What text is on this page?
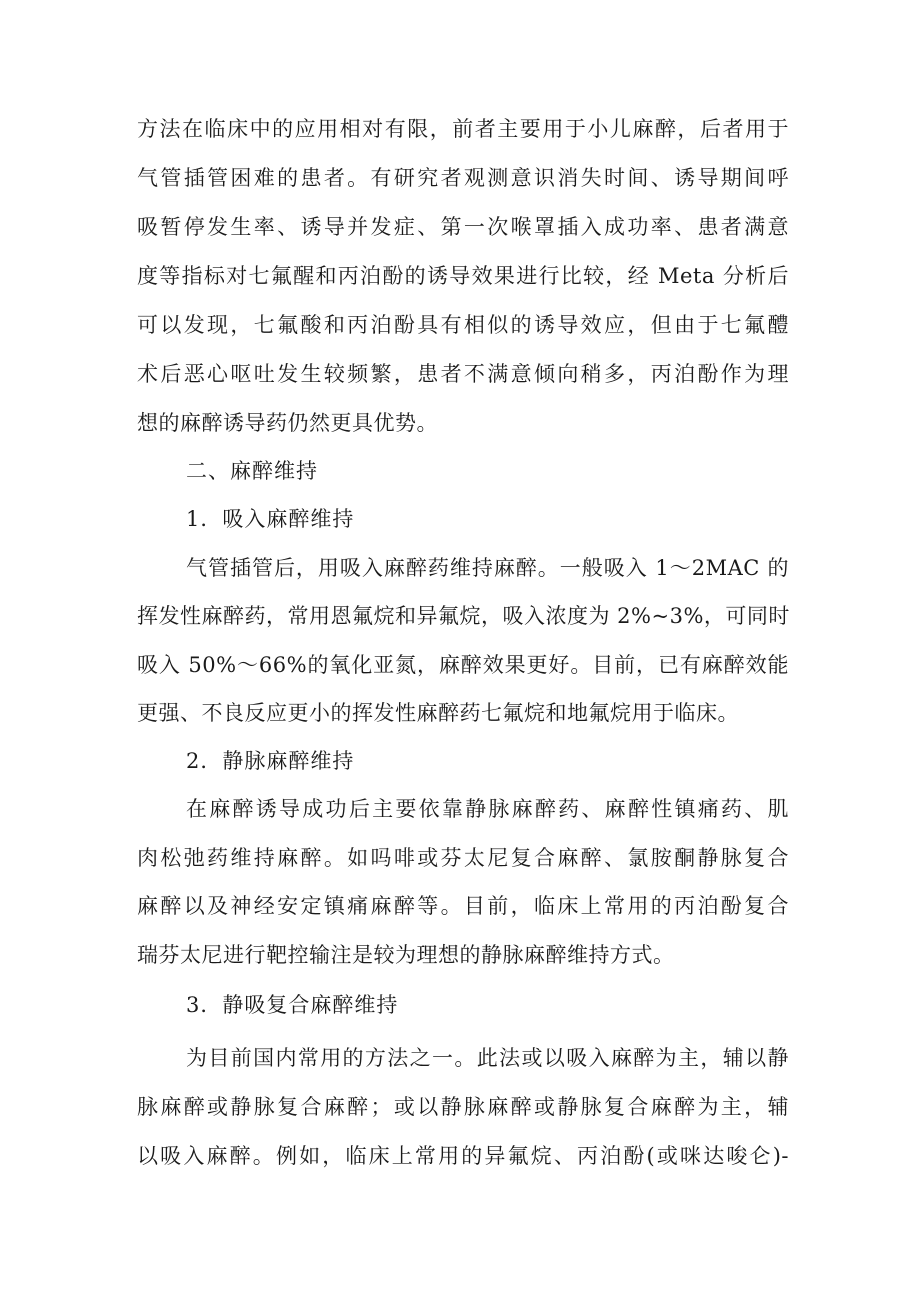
方法在临床中的应用相对有限，前者主要用于小儿麻醉，后者用于
气管插管困难的患者。有研究者观测意识消失时间、诱导期间呼
吸暂停发生率、诱导并发症、第一次喉罩插入成功率、患者满意
度等指标对七氟醒和丙泊酚的诱导效果进行比较，经 Meta 分析后
可以发现，七氟酸和丙泊酚具有相似的诱导效应，但由于七氟醴
术后恶心呕吐发生较频繁，患者不满意倾向稍多，丙泊酚作为理
想的麻醉诱导药仍然更具优势。
二、麻醉维持
1．吸入麻醉维持
气管插管后，用吸入麻醉药维持麻醉。一般吸入 1～2MAC 的
挥发性麻醉药，常用恩氟烷和异氟烷，吸入浓度为 2%~3%，可同时
吸入 50%～66%的氧化亚氮，麻醉效果更好。目前，已有麻醉效能
更强、不良反应更小的挥发性麻醉药七氟烷和地氟烷用于临床。
2．静脉麻醉维持
在麻醉诱导成功后主要依靠静脉麻醉药、麻醉性镇痛药、肌
肉松弛药维持麻醉。如吗啡或芬太尼复合麻醉、氯胺酮静脉复合
麻醉以及神经安定镇痛麻醉等。目前，临床上常用的丙泊酚复合
瑞芬太尼进行靶控输注是较为理想的静脉麻醉维持方式。
3．静吸复合麻醉维持
为目前国内常用的方法之一。此法或以吸入麻醉为主，辅以静
脉麻醉或静脉复合麻醉；或以静脉麻醉或静脉复合麻醉为主，辅
以吸入麻醉。例如，临床上常用的异氟烷、丙泊酚(或咪达唆仑)-
